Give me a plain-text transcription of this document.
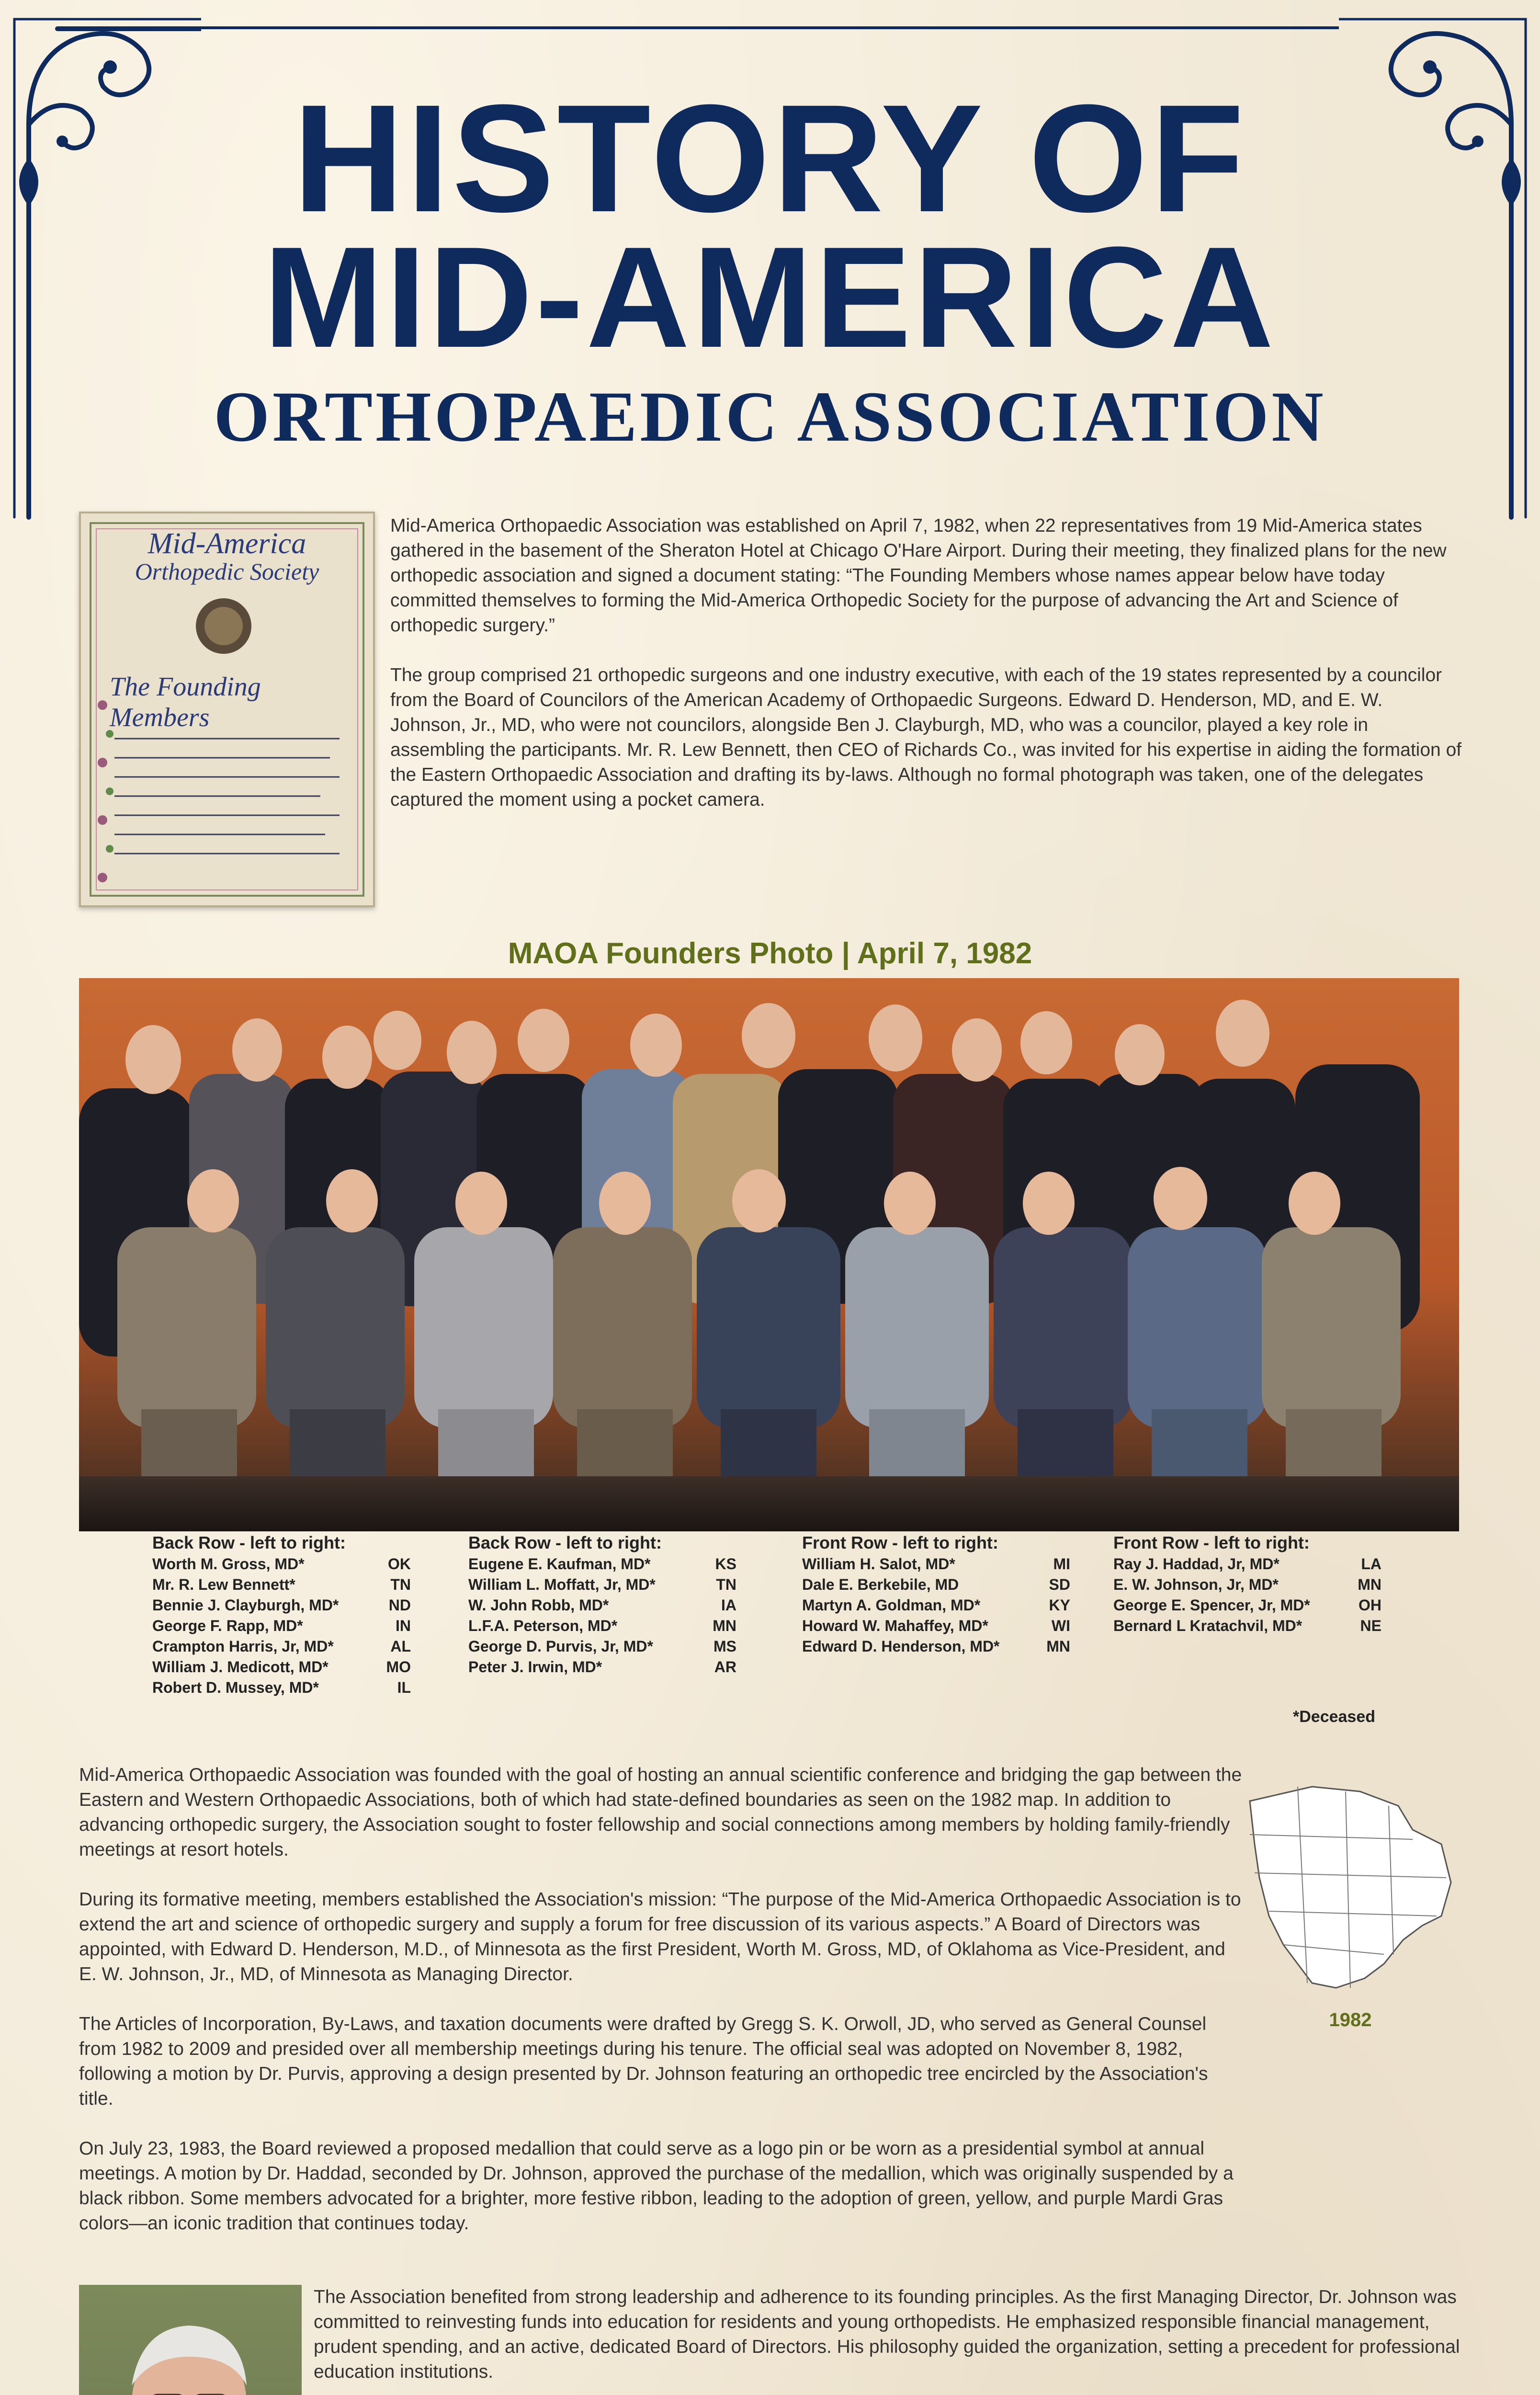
HISTORY OF
MID-AMERICA
ORTHOPAEDIC ASSOCIATION
Mid-America
Orthopedic Society
The Founding Members

Mid-America Orthopaedic Association was established on April 7, 1982, when 22 representatives from 19 Mid-America states gathered in the basement of the Sheraton Hotel at Chicago O'Hare Airport. During their meeting, they finalized plans for the new orthopedic association and signed a document stating: “The Founding Members whose names appear below have today committed themselves to forming the Mid-America Orthopedic Society for the purpose of advancing the Art and Science of orthopedic surgery.”

The group comprised 21 orthopedic surgeons and one industry executive, with each of the 19 states represented by a councilor from the Board of Councilors of the American Academy of Orthopaedic Surgeons. Edward D. Henderson, MD, and E. W. Johnson, Jr., MD, who were not councilors, alongside Ben J. Clayburgh, MD, who was a councilor, played a key role in assembling the participants. Mr. R. Lew Bennett, then CEO of Richards Co., was invited for his expertise in aiding the formation of the Eastern Orthopaedic Association and drafting its by-laws. Although no formal photograph was taken, one of the delegates captured the moment using a pocket camera.

MAOA Founders Photo | April 7, 1982
Back Row - left to right:
Worth M. Gross, MD*	OK
Mr. R. Lew Bennett*	TN
Bennie J. Clayburgh, MD*	ND
George F. Rapp, MD*	IN
Crampton Harris, Jr, MD*	AL
William J. Medicott, MD*	MO
Robert D. Mussey, MD*	IL
Back Row - left to right:
Eugene E. Kaufman, MD*	KS
William L. Moffatt, Jr, MD*	TN
W. John Robb, MD*	IA
L.F.A. Peterson, MD*	MN
George D. Purvis, Jr, MD*	MS
Peter J. Irwin, MD*	AR
Front Row - left to right:
William H. Salot, MD*	MI
Dale E. Berkebile, MD	SD
Martyn A. Goldman, MD*	KY
Howard W. Mahaffey, MD*	WI
Edward D. Henderson, MD*	MN
Front Row - left to right:
Ray J. Haddad, Jr, MD*	LA
E. W. Johnson, Jr, MD*	MN
George E. Spencer, Jr, MD*	OH
Bernard L Kratachvil, MD*	NE
*Deceased

Mid-America Orthopaedic Association was founded with the goal of hosting an annual scientific conference and bridging the gap between the Eastern and Western Orthopaedic Associations, both of which had state-defined boundaries as seen on the 1982 map. In addition to advancing orthopedic surgery, the Association sought to foster fellowship and social connections among members by holding family-friendly meetings at resort hotels.

During its formative meeting, members established the Association's mission: “The purpose of the Mid-America Orthopaedic Association is to extend the art and science of orthopedic surgery and supply a forum for free discussion of its various aspects.” A Board of Directors was appointed, with Edward D. Henderson, M.D., of Minnesota as the first President, Worth M. Gross, MD, of Oklahoma as Vice-President, and E. W. Johnson, Jr., MD, of Minnesota as Managing Director.

The Articles of Incorporation, By-Laws, and taxation documents were drafted by Gregg S. K. Orwoll, JD, who served as General Counsel from 1982 to 2009 and presided over all membership meetings during his tenure. The official seal was adopted on November 8, 1982, following a motion by Dr. Purvis, approving a design presented by Dr. Johnson featuring an orthopedic tree encircled by the Association's title.

On July 23, 1983, the Board reviewed a proposed medallion that could serve as a logo pin or be worn as a presidential symbol at annual meetings. A motion by Dr. Haddad, seconded by Dr. Johnson, approved the purchase of the medallion, which was originally suspended by a black ribbon. Some members advocated for a brighter, more festive ribbon, leading to the adoption of green, yellow, and purple Mardi Gras colors—an iconic tradition that continues today.

1982

The Association benefited from strong leadership and adherence to its founding principles. As the first Managing Director, Dr. Johnson was committed to reinvesting funds into education for residents and young orthopedists. He emphasized responsible financial management, prudent spending, and an active, dedicated Board of Directors. His philosophy guided the organization, setting a precedent for professional education institutions.
